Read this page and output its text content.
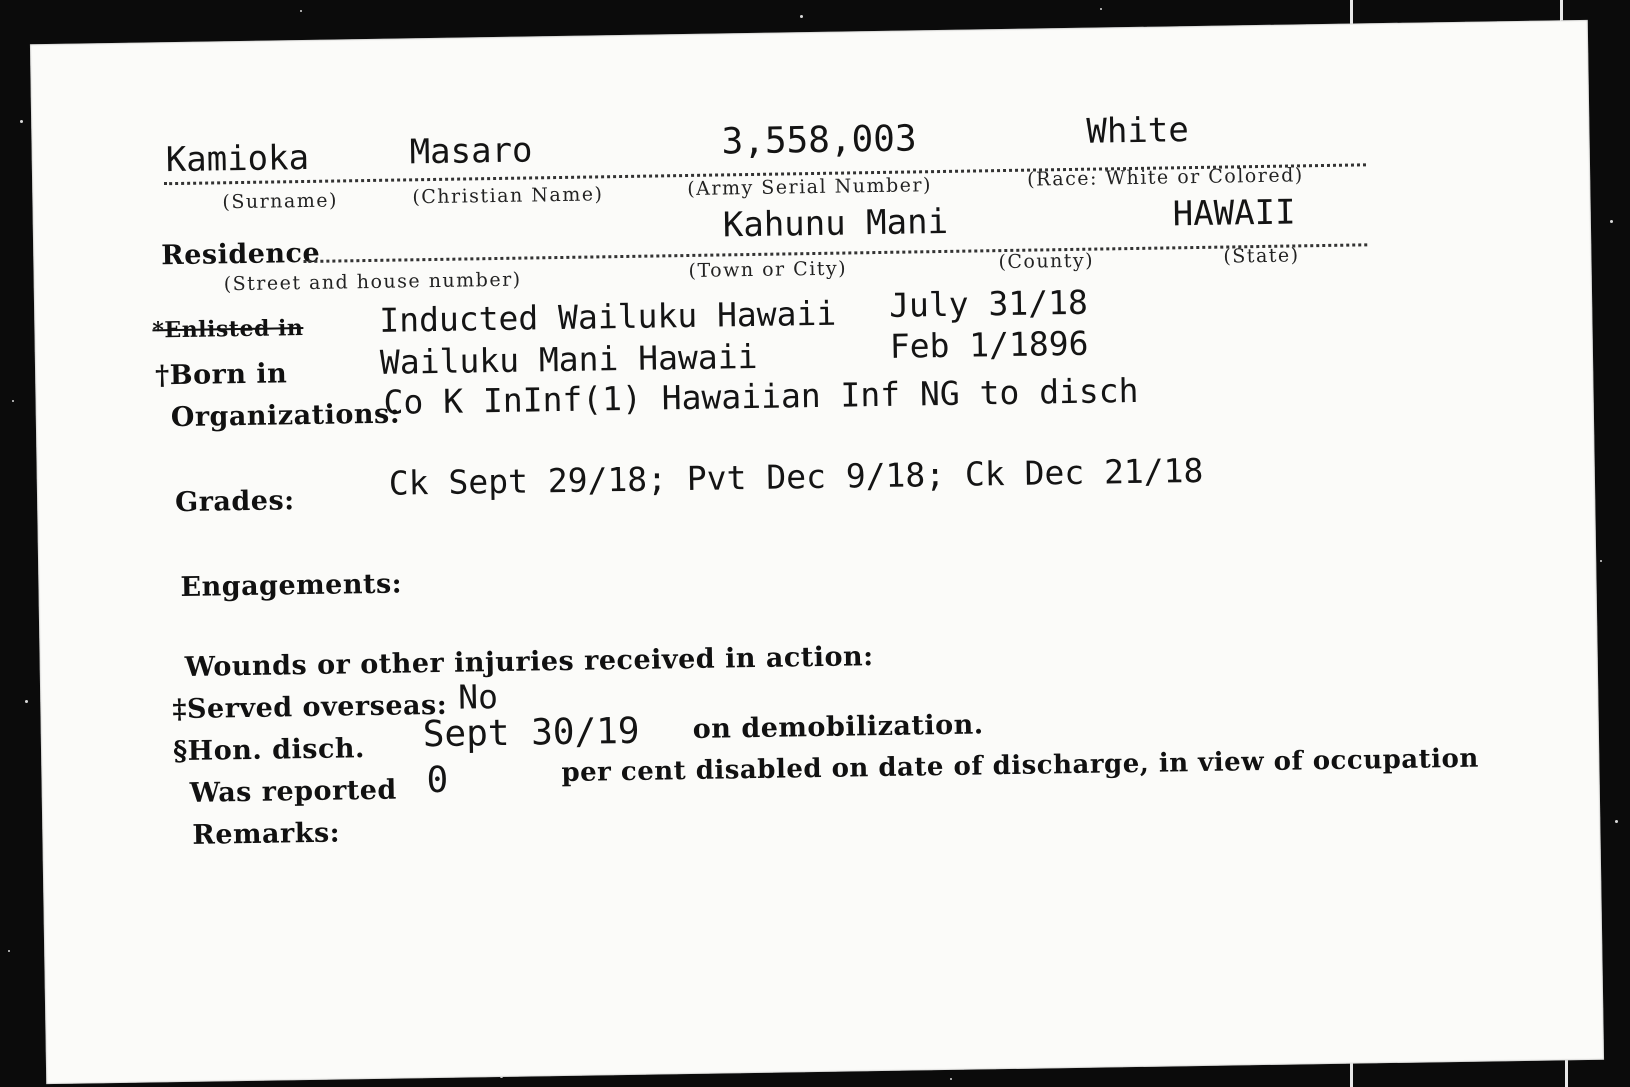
Kamioka	Masaro	3,558,003	White
(Surname)	(Christian Name)	(Army Serial Number)	(Race: White or Colored)
Residence
Kahunu Mani	HAWAII
(Street and house number)	(Town or City)	(County)	(State)
*Enlisted in Inducted Wailuku Hawaii July 31/18
†Born in	Wailuku Mani Hawaii	Feb 1/1896
Organizations:
Co K InInf(1) Hawaiian Inf NG to disch
Grades:	Ck Sept 29/18; Pvt Dec 9/18; Ck Dec 21/18
Engagements:
Wounds or other injuries received in action:
‡Served overseas: No
§Hon. disch. Sept 30/19 on demobilization.
Was reported 0	per cent disabled on date of discharge, in view of occupation
Remarks:
